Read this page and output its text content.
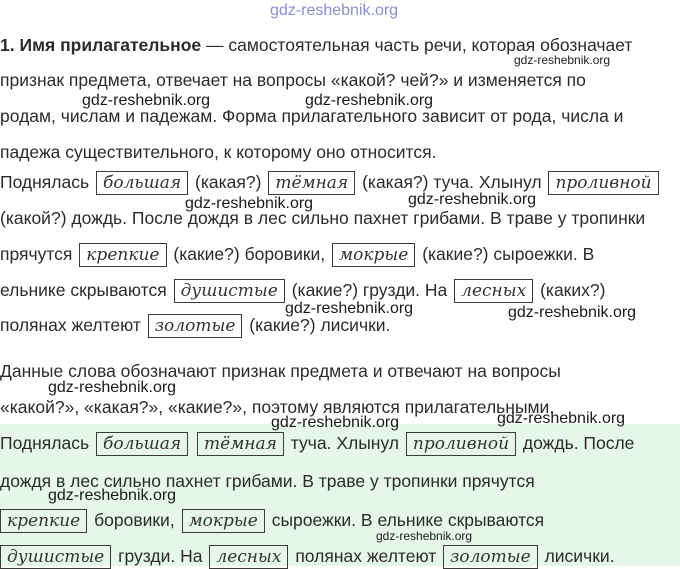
gdz-reshebnik.org
1. Имя прилагательное — самостоятельная часть речи, которая обозначает
признак предмета, отвечает на вопросы «какой? чей?» и изменяется по
родам, числам и падежам. Форма прилагательного зависит от рода, числа и
падежа существительного, к которому оно относится.
Поднялась большая (какая?) тёмная (какая?) туча. Хлынул проливной
(какой?) дождь. После дождя в лес сильно пахнет грибами. В траве у тропинки
прячутся крепкие (какие?) боровики, мокрые (какие?) сыроежки. В
ельнике скрываются душистые (какие?) грузди. На лесных (каких?)
полянах желтеют золотые (какие?) лисички.
Данные слова обозначают признак предмета и отвечают на вопросы
«какой?», «какая?», «какие?», поэтому являются прилагательными.
Поднялась большая тёмная туча. Хлынул проливной дождь. После
дождя в лес сильно пахнет грибами. В траве у тропинки прячутся
крепкие боровики, мокрые сыроежки. В ельнике скрываются
душистые грузди. На лесных полянах желтеют золотые лисички.
gdz-reshebnik.org
gdz-reshebnik.org	gdz-reshebnik.org
gdz-reshebnik.org	gdz-reshebnik.org
gdz-reshebnik.org	gdz-reshebnik.org
gdz-reshebnik.org
gdz-reshebnik.org	gdz-reshebnik.org
gdz-reshebnik.org
gdz-reshebnik.org
